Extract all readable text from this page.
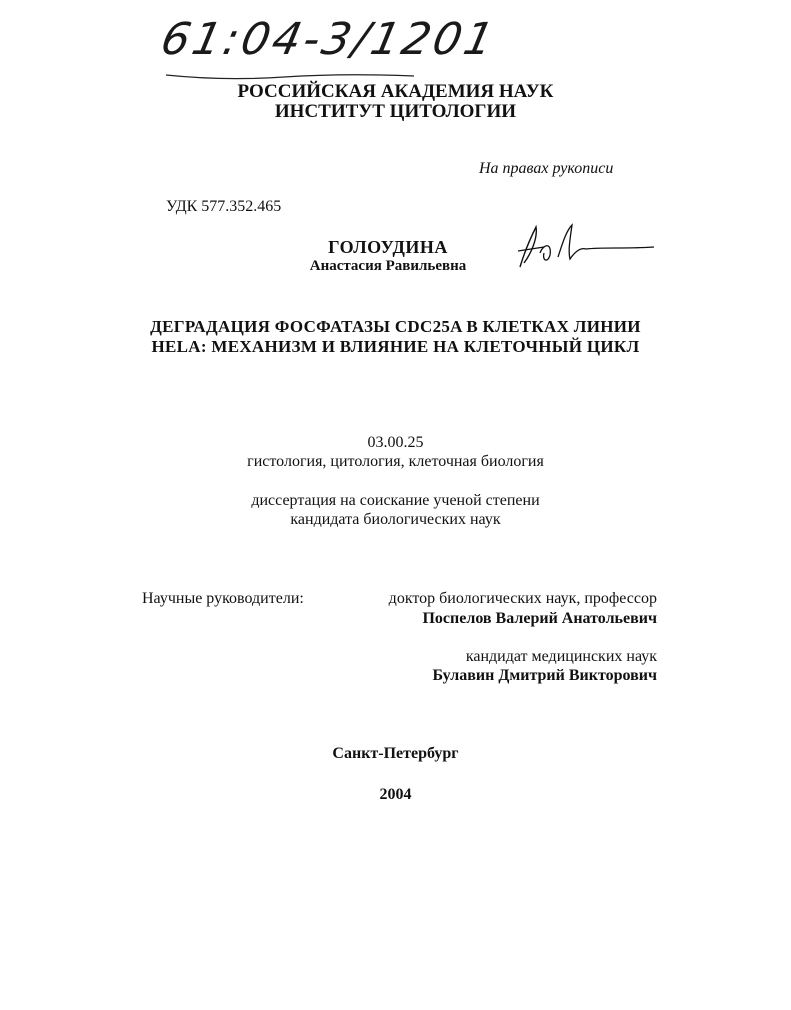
61:04-3/1201
РОССИЙСКАЯ АКАДЕМИЯ НАУК
ИНСТИТУТ ЦИТОЛОГИИ
На правах рукописи
УДК 577.352.465
ГОЛОУДИНА
Анастасия Равильевна
ДЕГРАДАЦИЯ ФОСФАТАЗЫ CDC25A В КЛЕТКАХ ЛИНИИ
HELA: МЕХАНИЗМ И ВЛИЯНИЕ НА КЛЕТОЧНЫЙ ЦИКЛ
03.00.25
гистология, цитология, клеточная биология
диссертация на соискание ученой степени
кандидата биологических наук
Научные руководители:	доктор биологических наук, профессор
Поспелов Валерий Анатольевич
кандидат медицинских наук
Булавин Дмитрий Викторович
Санкт-Петербург
2004
